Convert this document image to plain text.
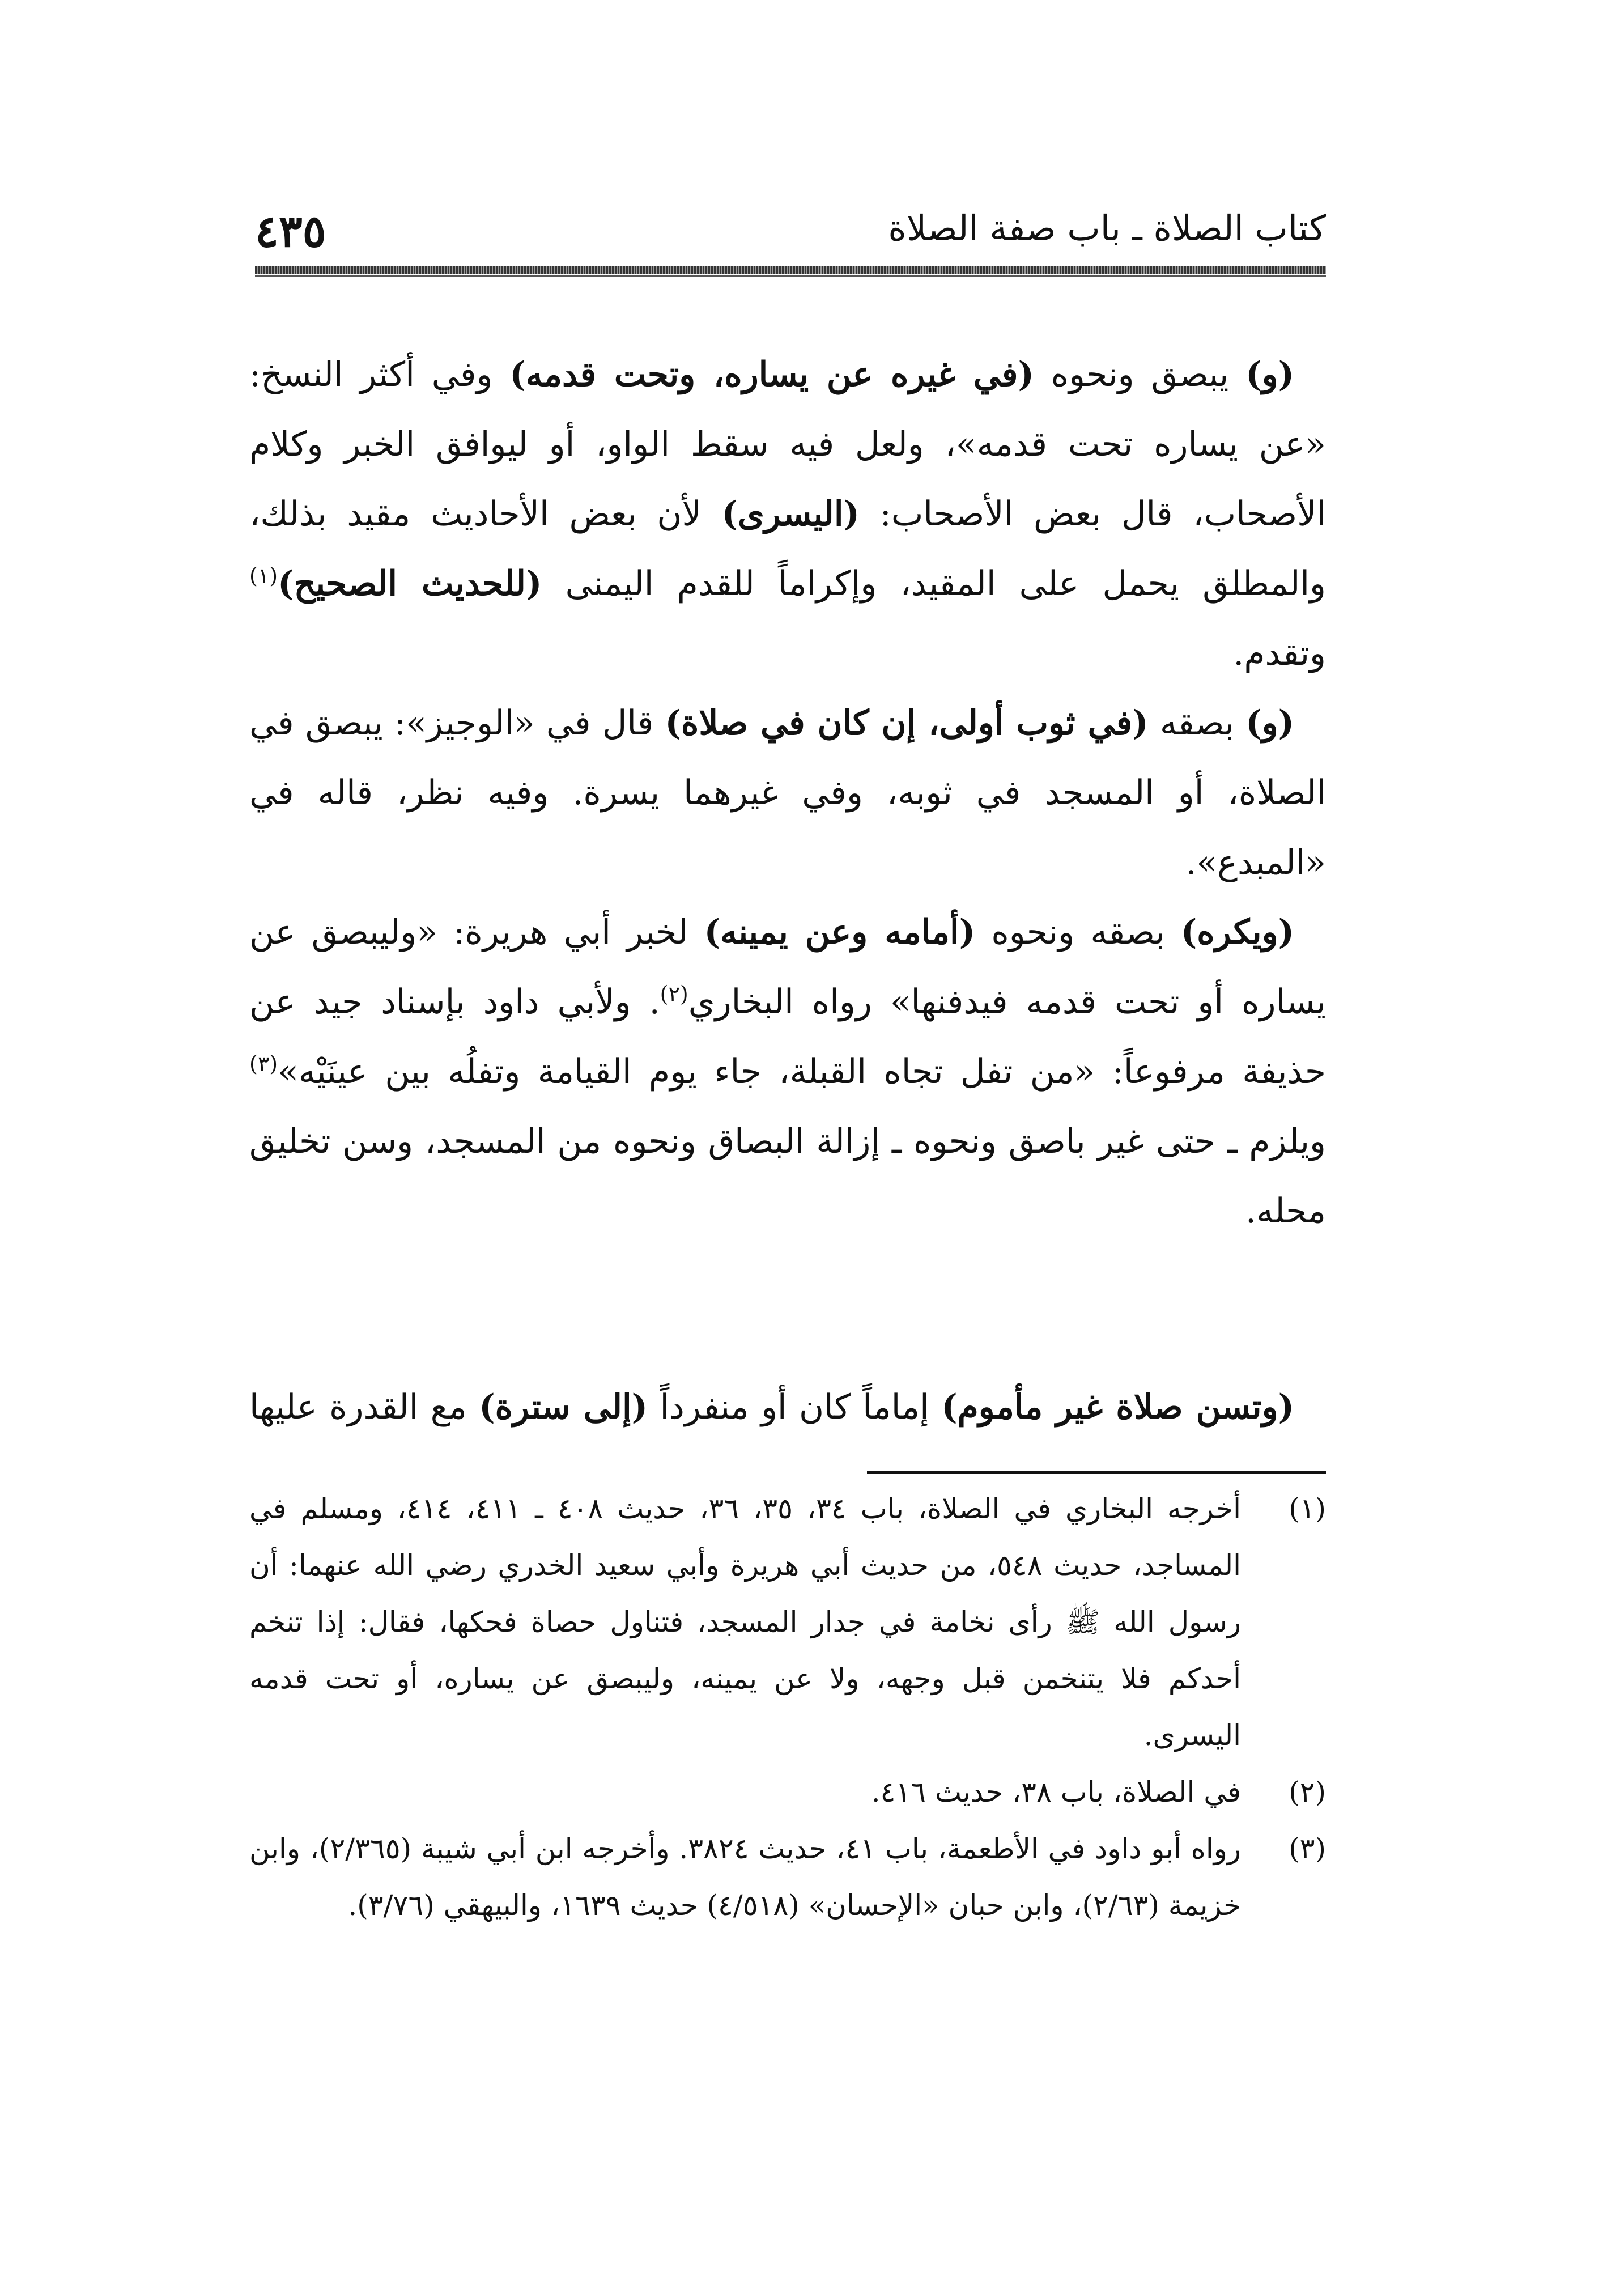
كتاب الصلاة ـ باب صفة الصلاة
٤٣٥

(و) يبصق ونحوه (في غيره عن يساره، وتحت قدمه) وفي أكثر النسخ: «عن يساره تحت قدمه»، ولعل فيه سقط الواو، أو ليوافق الخبر وكلام الأصحاب، قال بعض الأصحاب: (اليسرى) لأن بعض الأحاديث مقيد بذلك، والمطلق يحمل على المقيد، وإكراماً للقدم اليمنى (للحديث الصحيح)$^{(١)}$ وتقدم.

(و) بصقه (في ثوب أولى، إن كان في صلاة) قال في «الوجيز»: يبصق في الصلاة، أو المسجد في ثوبه، وفي غيرهما يسرة. وفيه نظر، قاله في «المبدع».

(ويكره) بصقه ونحوه (أمامه وعن يمينه) لخبر أبي هريرة: «وليبصق عن يساره أو تحت قدمه فيدفنها» رواه البخاري$^{(٢)}$. ولأبي داود بإسناد جيد عن حذيفة مرفوعاً: «من تفل تجاه القبلة، جاء يوم القيامة وتفلُه بين عينَيْه»$^{(٣)}$ ويلزم ـ حتى غير باصق ونحوه ـ إزالة البصاق ونحوه من المسجد، وسن تخليق محله.

(وتسن صلاة غير مأموم) إماماً كان أو منفرداً (إلى سترة) مع القدرة عليها

(١)
أخرجه البخاري في الصلاة، باب ٣٤، ٣٥، ٣٦، حديث ٤٠٨ ـ ٤١١، ٤١٤، ومسلم في المساجد، حديث ٥٤٨، من حديث أبي هريرة وأبي سعيد الخدري رضي الله عنهما: أن رسول الله ﷺ رأى نخامة في جدار المسجد، فتناول حصاة فحكها، فقال: إذا تنخم أحدكم فلا يتنخمن قبل وجهه، ولا عن يمينه، وليبصق عن يساره، أو تحت قدمه اليسرى.

(٢)
في الصلاة، باب ٣٨، حديث ٤١٦.

(٣)
رواه أبو داود في الأطعمة، باب ٤١، حديث ٣٨٢٤. وأخرجه ابن أبي شيبة (٢/٣٦٥)، وابن خزيمة (٢/٦٣)، وابن حبان «الإحسان» (٤/٥١٨) حديث ١٦٣٩، والبيهقي (٣/٧٦).
